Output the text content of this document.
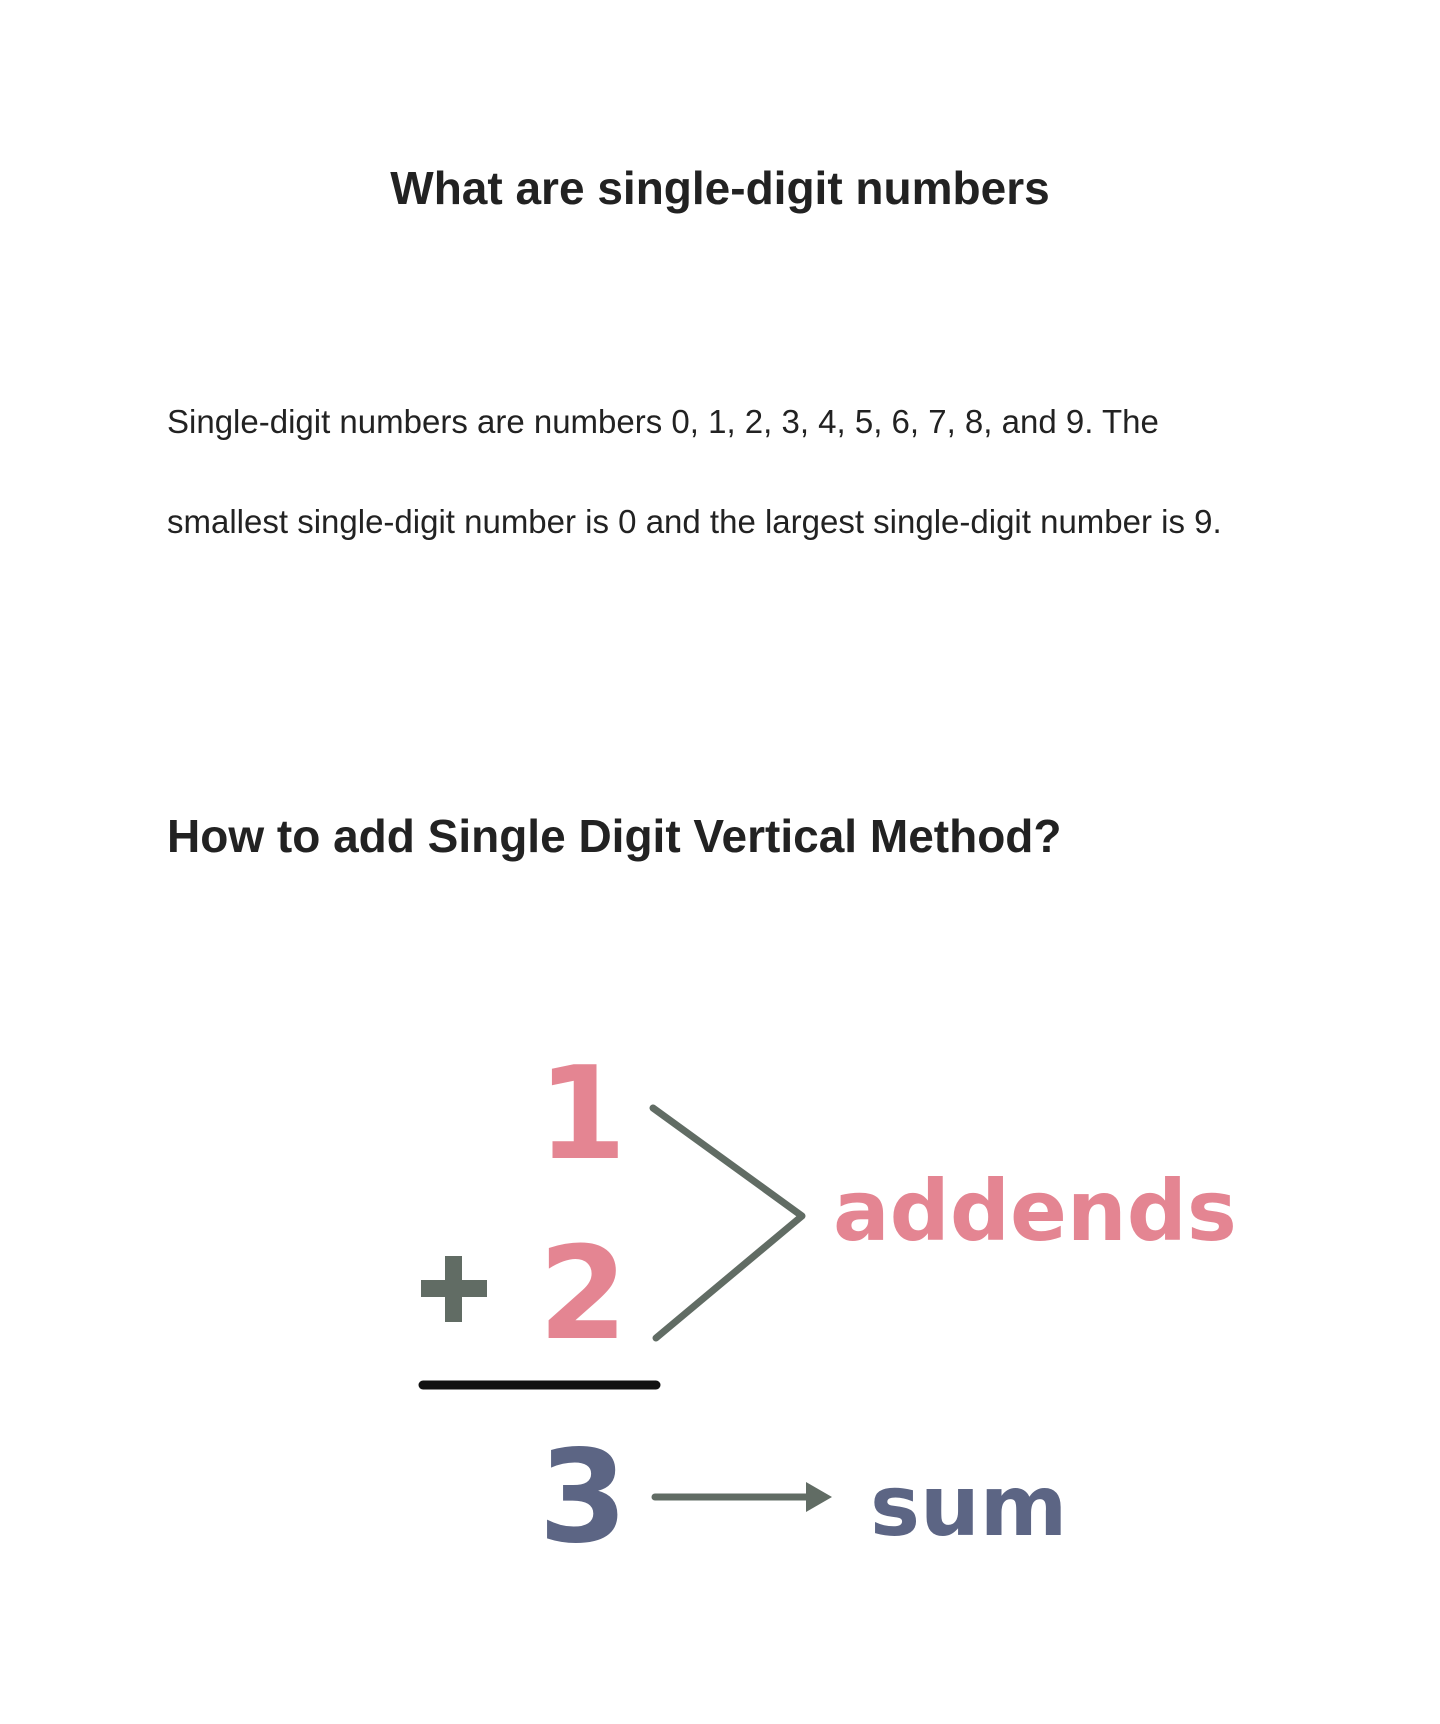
What are single-digit numbers

Single-digit numbers are numbers 0, 1, 2, 3, 4, 5, 6, 7, 8, and 9. The smallest single-digit number is 0 and the largest single-digit number is 9.

How to add Single Digit Vertical Method?
1
2
addends
3	sum
